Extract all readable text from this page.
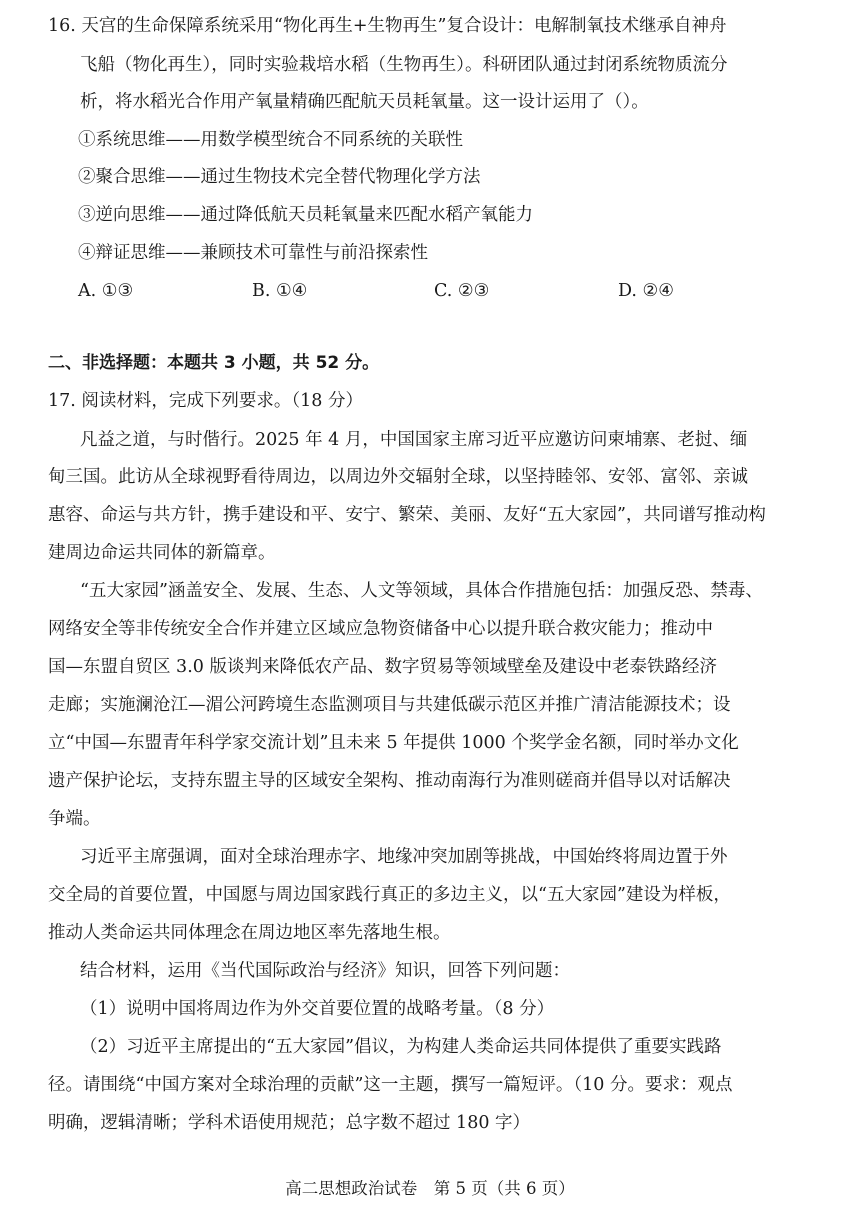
16. 天宫的生命保障系统采用“物化再生+生物再生”复合设计：电解制氧技术继承自神舟
飞船（物化再生），同时实验栽培水稻（生物再生）。科研团队通过封闭系统物质流分
析，将水稻光合作用产氧量精确匹配航天员耗氧量。这一设计运用了（）。
①系统思维——用数学模型统合不同系统的关联性
②聚合思维——通过生物技术完全替代物理化学方法
③逆向思维——通过降低航天员耗氧量来匹配水稻产氧能力
④辩证思维——兼顾技术可靠性与前沿探索性
A. ①③	B. ①④	C. ②③	D. ②④
二、非选择题：本题共 3 小题，共 52 分。
17. 阅读材料，完成下列要求。（18 分）
凡益之道，与时偕行。2025 年 4 月，中国国家主席习近平应邀访问柬埔寨、老挝、缅
甸三国。此访从全球视野看待周边，以周边外交辐射全球，以坚持睦邻、安邻、富邻、亲诚
惠容、命运与共方针，携手建设和平、安宁、繁荣、美丽、友好“五大家园”，共同谱写推动构
建周边命运共同体的新篇章。
“五大家园”涵盖安全、发展、生态、人文等领域，具体合作措施包括：加强反恐、禁毒、
网络安全等非传统安全合作并建立区域应急物资储备中心以提升联合救灾能力；推动中
国—东盟自贸区 3.0 版谈判来降低农产品、数字贸易等领域壁垒及建设中老泰铁路经济
走廊；实施澜沧江—湄公河跨境生态监测项目与共建低碳示范区并推广清洁能源技术；设
立“中国—东盟青年科学家交流计划”且未来 5 年提供 1000 个奖学金名额，同时举办文化
遗产保护论坛，支持东盟主导的区域安全架构、推动南海行为准则磋商并倡导以对话解决
争端。
习近平主席强调，面对全球治理赤字、地缘冲突加剧等挑战，中国始终将周边置于外
交全局的首要位置，中国愿与周边国家践行真正的多边主义，以“五大家园”建设为样板，
推动人类命运共同体理念在周边地区率先落地生根。
结合材料，运用《当代国际政治与经济》知识，回答下列问题：
（1）说明中国将周边作为外交首要位置的战略考量。（8 分）
（2）习近平主席提出的“五大家园”倡议，为构建人类命运共同体提供了重要实践路
径。请围绕“中国方案对全球治理的贡献”这一主题，撰写一篇短评。（10 分。要求：观点
明确，逻辑清晰；学科术语使用规范；总字数不超过 180 字）
高二思想政治试卷　第 5 页（共 6 页）
